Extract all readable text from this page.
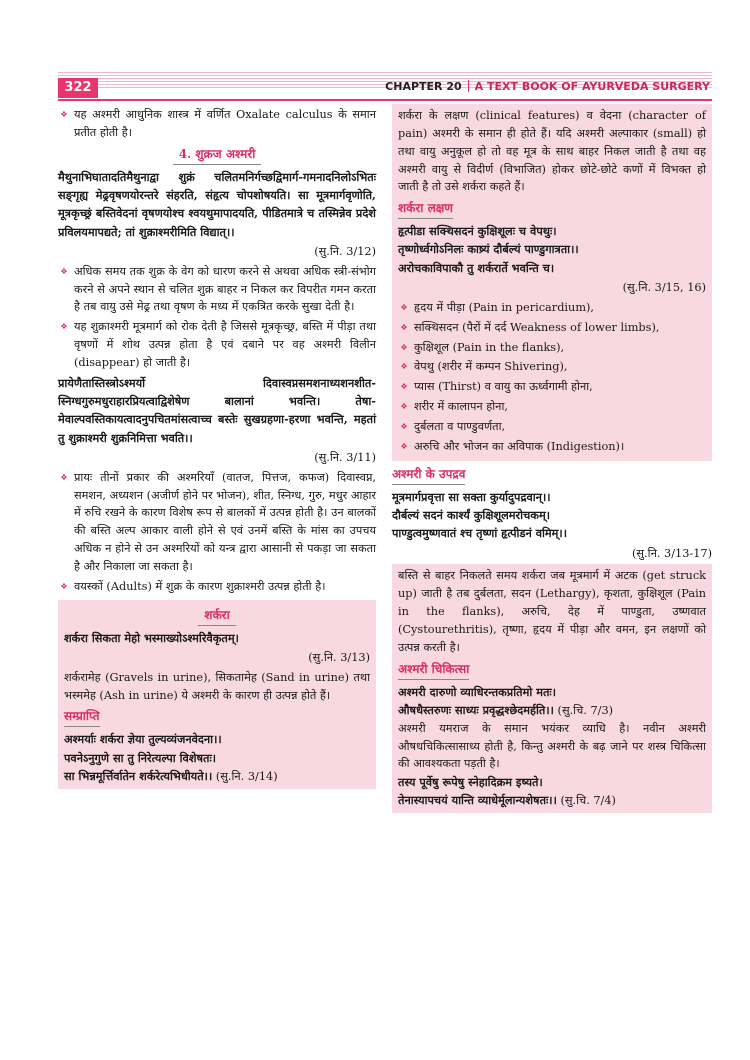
322	CHAPTER 20 A TEXT BOOK OF AYURVEDA SURGERY
❖ यह अश्मरी आधुनिक शास्त्र में वर्णित Oxalate calculus के समान प्रतीत होती है।
4. शुक्रज अश्मरी
मैथुनाभिघातादतिमैथुनाद्वा शुक्रं चलितमनिर्गच्छद्विमार्ग-गमनादनिलोऽभितः सङ्गृह्य मेढ्रवृषणयोरन्तरे संहरति, संहृत्य चोपशोषयति। सा मूत्रमार्गवृणोति, मूत्रकृच्छ्रं बस्तिवेदनां वृषणयोश्च श्वयथुमापादयति, पीडितमात्रे च तस्मिन्नेव प्रदेशे प्रविलयमापद्यते; तां शुक्राश्मरीमिति विद्यात्।।
(सु.नि. 3/12)
❖ अधिक समय तक शुक्र के वेग को धारण करने से अथवा अधिक स्त्री-संभोग करने से अपने स्थान से चलित शुक्र बाहर न निकल कर विपरीत गमन करता है तब वायु उसे मेढ्र तथा वृषण के मध्य में एकत्रित करके सुखा देती है।
❖ यह शुक्राश्मरी मूत्रमार्ग को रोक देती है जिससे मूत्रकृच्छ्र, बस्ति में पीड़ा तथा वृषणों में शोथ उत्पन्न होता है एवं दबाने पर वह अश्मरी विलीन (disappear) हो जाती है।
प्रायेणैतास्तिस्त्रोऽश्मर्यो दिवास्वप्नसमशनाध्यशनशीत-स्निग्धगुरुमधुराहारप्रियत्वाद्विशेषेण बालानां भवन्ति। तेषा-मेवाल्पवस्तिकायत्वादनुपचितमांसत्वाच्च बस्तेः सुखग्रहणा-हरणा भवन्ति, महतां तु शुक्राश्मरी शुक्रनिमित्ता भवति।।
(सु.नि. 3/11)
❖ प्रायः तीनों प्रकार की अश्मरियाँ (वातज, पित्तज, कफज) दिवास्वप्न, समशन, अध्यशन (अजीर्ण होने पर भोजन), शीत, स्निग्ध, गुरु, मधुर आहार में रुचि रखने के कारण विशेष रूप से बालकों में उत्पन्न होती है। उन बालकों की बस्ति अल्प आकार वाली होने से एवं उनमें बस्ति के मांस का उपचय अधिक न होने से उन अश्मरियों को यन्त्र द्वारा आसानी से पकड़ा जा सकता है और निकाला जा सकता है।
❖ वयस्कों (Adults) में शुक्र के कारण शुक्राश्मरी उत्पन्न होती है।
शर्करा
शर्करा सिकता मेहो भस्माख्योऽश्मरिवैकृतम्।
(सु.नि. 3/13)
शर्करामेह (Gravels in urine), सिकतामेह (Sand in urine) तथा भस्ममेह (Ash in urine) ये अश्मरी के कारण ही उत्पन्न होते हैं।
सम्प्राप्ति
अश्मर्याः शर्करा ज्ञेया तुल्यव्यंजनवेदना।।
पवनेऽनुगुणे सा तु निरेत्यल्पा विशेषतः।
सा भिन्नमूर्त्तिर्वातेन शर्करेत्यभिधीयते।। (सु.नि. 3/14)
शर्करा के लक्षण (clinical features) व वेदना (character of pain) अश्मरी के समान ही होते हैं। यदि अश्मरी अल्पाकार (small) हो तथा वायु अनुकूल हो तो वह मूत्र के साथ बाहर निकल जाती है तथा वह अश्मरी वायु से विदीर्ण (विभाजित) होकर छोटे-छोटे कणों में विभक्त हो जाती है तो उसे शर्करा कहते हैं।
शर्करा लक्षण
हृत्पीडा सक्थिसदनं कुक्षिशूलः च वेपथुः।
तृष्णोर्ध्वगोऽनिलः काष्र्यं दौर्बल्यं पाण्डुगात्रता।।
अरोचकाविपाकौ तु शर्करार्ते भवन्ति च।
(सु.नि. 3/15, 16)
❖ हृदय में पीड़ा (Pain in pericardium),
❖ सक्थिसदन (पैरों में दर्द Weakness of lower limbs),
❖ कुक्षिशूल (Pain in the flanks),
❖ वेपथु (शरीर में कम्पन Shivering),
❖ प्यास (Thirst) व वायु का ऊर्ध्वगामी होना,
❖ शरीर में कालापन होना,
❖ दुर्बलता व पाण्डुवर्णता,
❖ अरुचि और भोजन का अविपाक (Indigestion)।
अश्मरी के उपद्रव
मूत्रमार्गप्रवृत्ता सा सक्ता कुर्यादुपद्रवान्।।
दौर्बल्यं सदनं कार्श्यं कुक्षिशूलमरोचकम्।
पाण्डुत्वमुष्णवातं श्च तृष्णां हृत्पीडनं वमिम्।।
(सु.नि. 3/13-17)
बस्ति से बाहर निकलते समय शर्करा जब मूत्रमार्ग में अटक (get struck up) जाती है तब दुर्बलता, सदन (Lethargy), कृशता, कुक्षिशूल (Pain in the flanks), अरुचि, देह में पाण्डुता, उष्णवात (Cystourethritis), तृष्णा, हृदय में पीड़ा और वमन, इन लक्षणों को उत्पन्न करती है।
अश्मरी चिकित्सा
अश्मरी दारुणो व्याधिरन्तकप्रतिमो मतः।
औषधैस्तरुणः साध्यः प्रवृद्धश्छेदमर्हति।। (सु.चि. 7/3)
अश्मरी यमराज के समान भयंकर व्याधि है। नवीन अश्मरी औषधचिकित्सासाध्य होती है, किन्तु अश्मरी के बढ़ जाने पर शस्त्र चिकित्सा की आवश्यकता पड़ती है।
तस्य पूर्वेषु रूपेषु स्नेहादिक्रम इष्यते।
तेनास्यापचयं यान्ति व्याधेर्मूलान्यशेषतः।। (सु.चि. 7/4)
